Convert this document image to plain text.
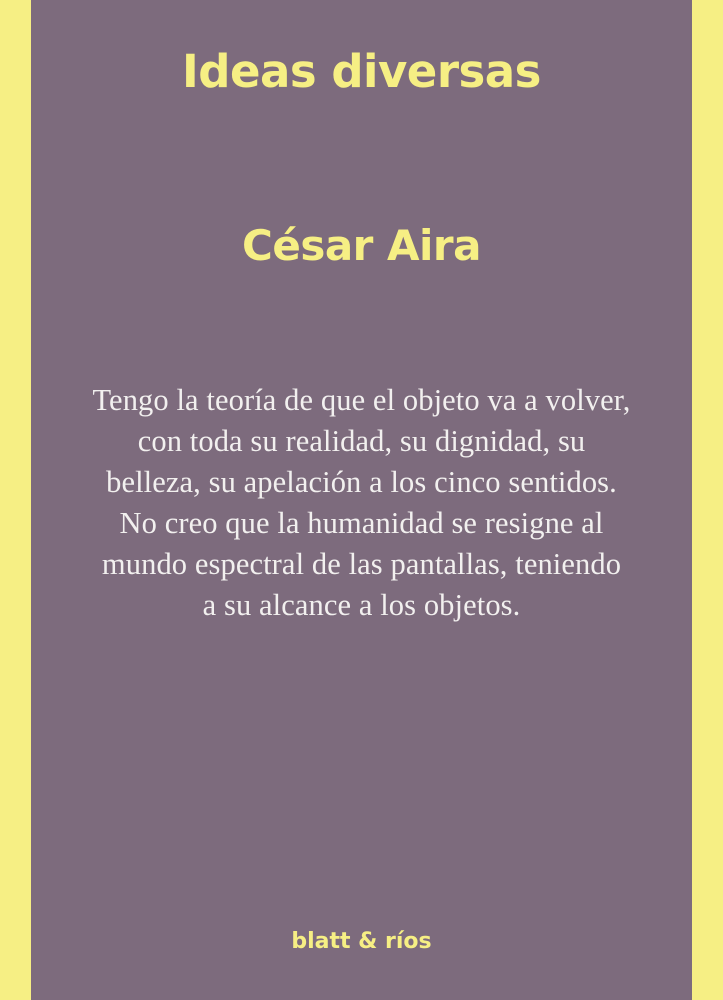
Ideas diversas
César Aira
Tengo la teoría de que el objeto va a volver, con toda su realidad, su dignidad, su belleza, su apelación a los cinco sentidos. No creo que la humanidad se resigne al mundo espectral de las pantallas, teniendo a su alcance a los objetos.
blatt & ríos
